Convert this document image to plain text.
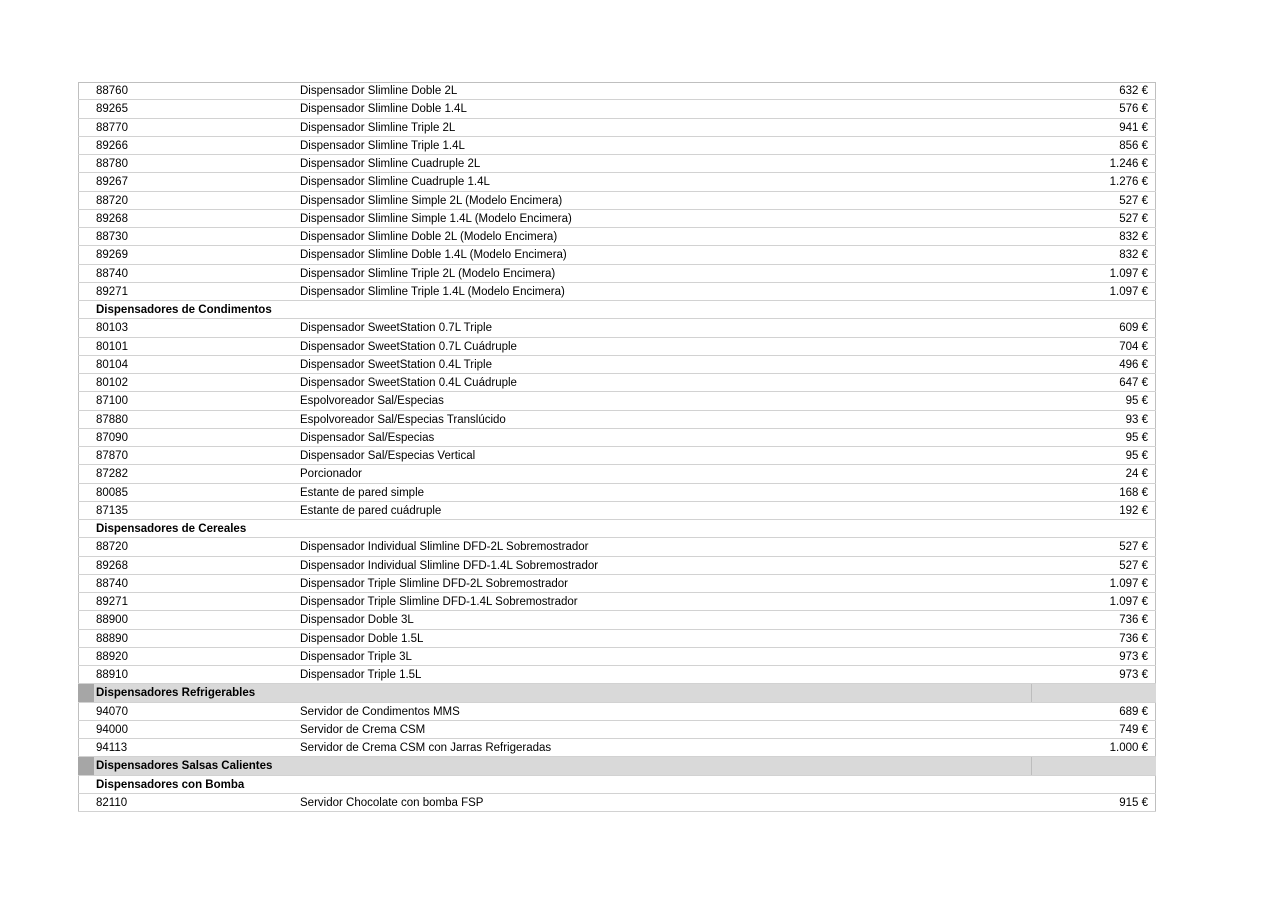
88760	Dispensador Slimline Doble 2L	632 €
89265	Dispensador Slimline Doble 1.4L	576 €
88770	Dispensador Slimline Triple 2L	941 €
89266	Dispensador Slimline Triple 1.4L	856 €
88780	Dispensador Slimline Cuadruple 2L	1.246 €
89267	Dispensador Slimline Cuadruple 1.4L	1.276 €
88720	Dispensador Slimline Simple 2L (Modelo Encimera)	527 €
89268	Dispensador Slimline Simple 1.4L (Modelo Encimera)	527 €
88730	Dispensador Slimline Doble 2L (Modelo Encimera)	832 €
89269	Dispensador Slimline Doble 1.4L (Modelo Encimera)	832 €
88740	Dispensador Slimline Triple 2L (Modelo Encimera)	1.097 €
89271	Dispensador Slimline Triple 1.4L (Modelo Encimera)	1.097 €
Dispensadores de Condimentos
80103	Dispensador SweetStation 0.7L Triple	609 €
80101	Dispensador SweetStation 0.7L Cuádruple	704 €
80104	Dispensador SweetStation 0.4L Triple	496 €
80102	Dispensador SweetStation 0.4L Cuádruple	647 €
87100	Espolvoreador Sal/Especias	95 €
87880	Espolvoreador Sal/Especias Translúcido	93 €
87090	Dispensador Sal/Especias	95 €
87870	Dispensador Sal/Especias Vertical	95 €
87282	Porcionador	24 €
80085	Estante de pared simple	168 €
87135	Estante de pared cuádruple	192 €
Dispensadores de Cereales
88720	Dispensador Individual Slimline DFD-2L Sobremostrador	527 €
89268	Dispensador Individual Slimline DFD-1.4L Sobremostrador	527 €
88740	Dispensador Triple Slimline DFD-2L Sobremostrador	1.097 €
89271	Dispensador Triple Slimline DFD-1.4L Sobremostrador	1.097 €
88900	Dispensador Doble 3L	736 €
88890	Dispensador Doble 1.5L	736 €
88920	Dispensador Triple 3L	973 €
88910	Dispensador Triple 1.5L	973 €
Dispensadores Refrigerables
94070	Servidor de Condimentos MMS	689 €
94000	Servidor de Crema CSM	749 €
94113	Servidor de Crema CSM con Jarras Refrigeradas	1.000 €
Dispensadores Salsas Calientes
Dispensadores con Bomba
82110	Servidor Chocolate con bomba FSP	915 €
